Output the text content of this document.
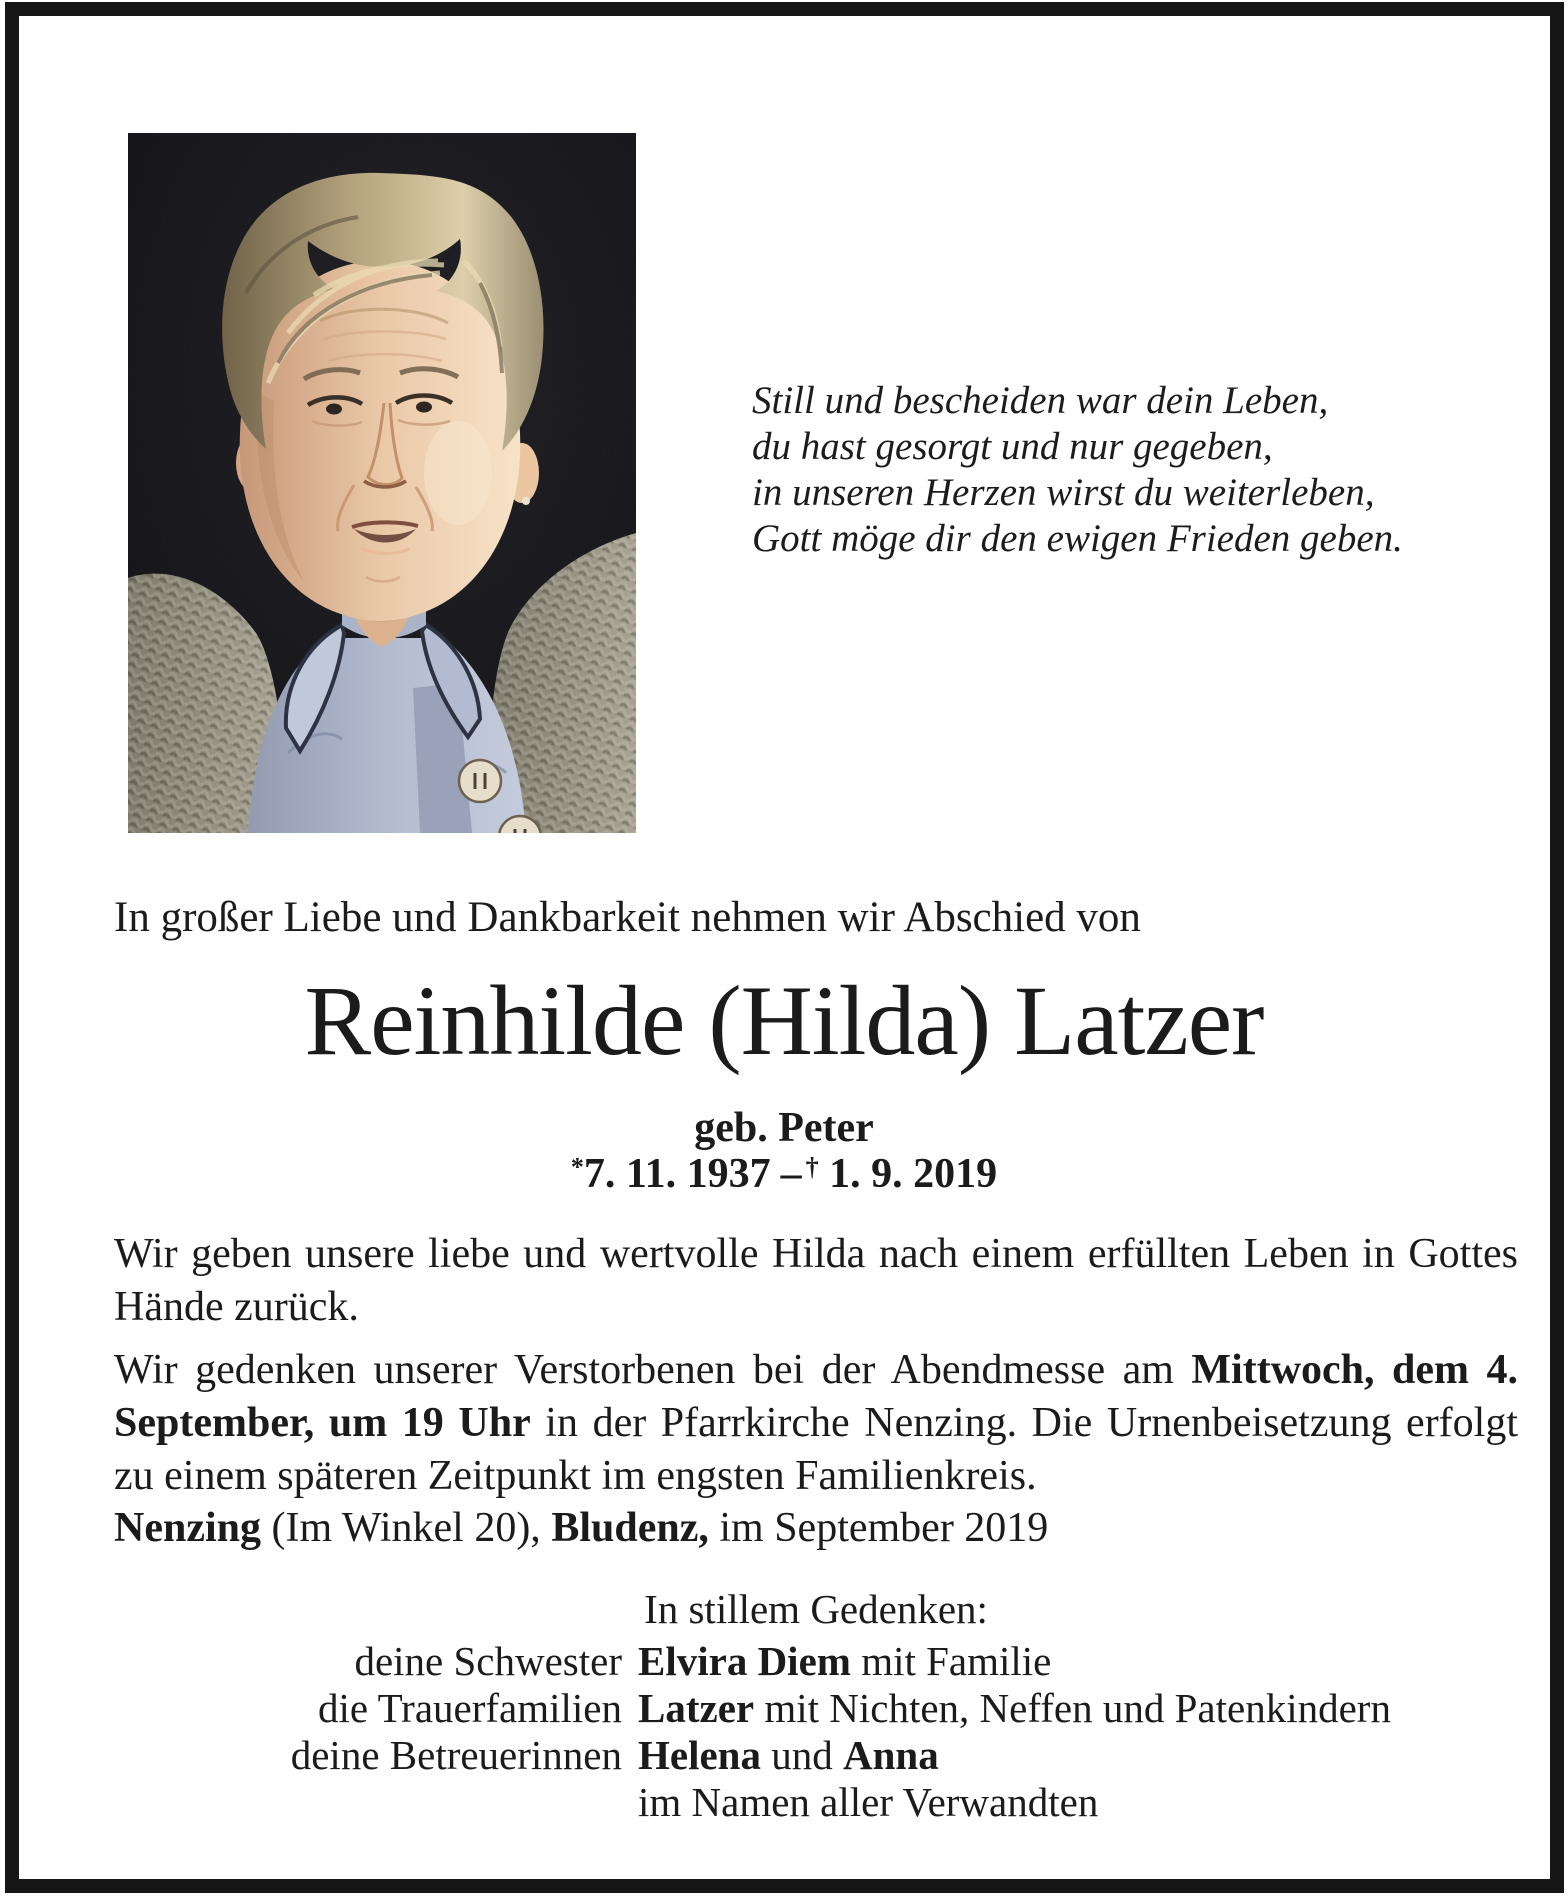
Still und bescheiden war dein Leben,
du hast gesorgt und nur gegeben,
in unseren Herzen wirst du weiterleben,
Gott möge dir den ewigen Frieden geben.
In großer Liebe und Dankbarkeit nehmen wir Abschied von
Reinhilde (Hilda) Latzer
geb. Peter
*7. 11. 1937 – † 1. 9. 2019
Wir geben unsere liebe und wertvolle Hilda nach einem erfüllten Leben in Gottes Hände zurück.
Wir gedenken unserer Verstorbenen bei der Abendmesse am Mittwoch, dem 4. September, um 19 Uhr in der Pfarrkirche Nenzing. Die Urnenbeisetzung erfolgt zu einem späteren Zeitpunkt im engsten Familienkreis.
Nenzing (Im Winkel 20), Bludenz, im September 2019
In stillem Gedenken:
deine Schwester Elvira Diem mit Familie
die Trauerfamilien Latzer mit Nichten, Neffen und Patenkindern
deine Betreuerinnen Helena und Anna
im Namen aller Verwandten
